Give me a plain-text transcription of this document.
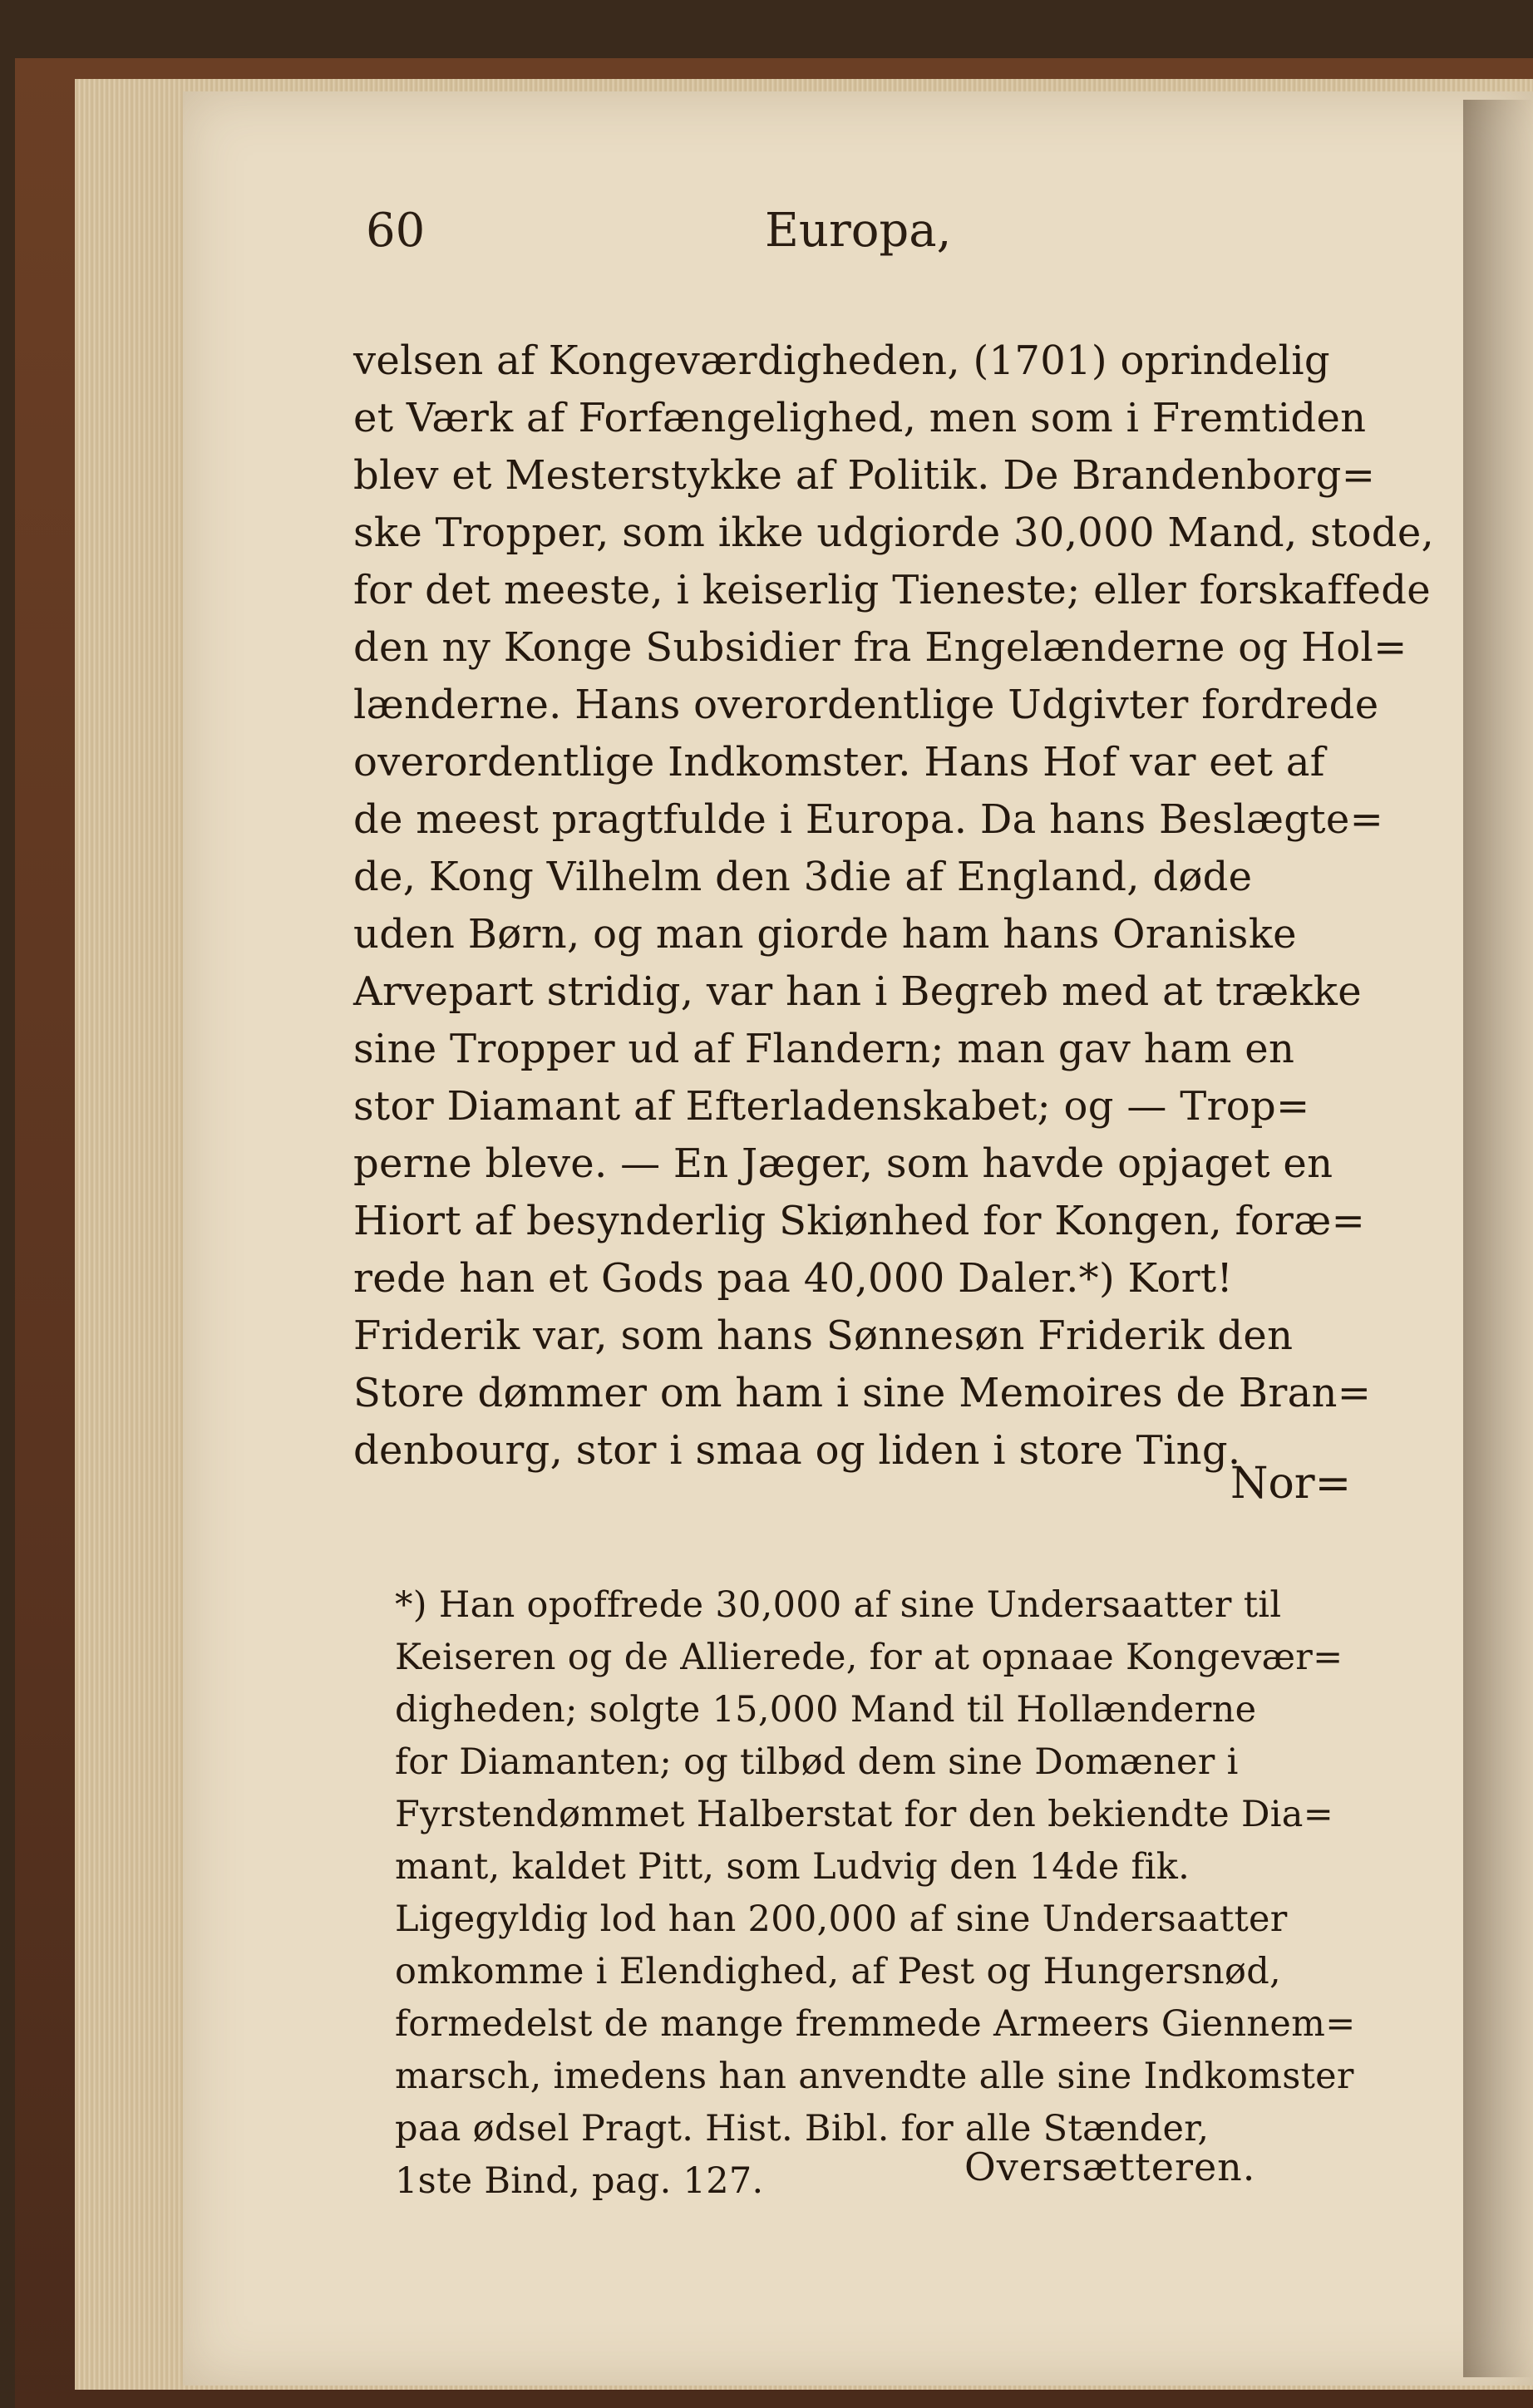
60	Europa,
velsen af Kongeværdigheden, (1701) oprindelig
et Værk af Forfængelighed, men som i Fremtiden
blev et Mesterstykke af Politik. De Brandenborg=
ske Tropper, som ikke udgiorde 30,000 Mand, stode,
for det meeste, i keiserlig Tieneste; eller forskaffede
den ny Konge Subsidier fra Engelænderne og Hol=
lænderne. Hans overordentlige Udgivter fordrede
overordentlige Indkomster. Hans Hof var eet af
de meest pragtfulde i Europa. Da hans Beslægte=
de, Kong Vilhelm den 3die af England, døde
uden Børn, og man giorde ham hans Oraniske
Arvepart stridig, var han i Begreb med at trække
sine Tropper ud af Flandern; man gav ham en
stor Diamant af Efterladenskabet; og — Trop=
perne bleve. — En Jæger, som havde opjaget en
Hiort af besynderlig Skiønhed for Kongen, foræ=
rede han et Gods paa 40,000 Daler.*) Kort!
Friderik var, som hans Sønnesøn Friderik den
Store dømmer om ham i sine Memoires de Bran=
denbourg, stor i smaa og liden i store Ting.
Nor=
*) Han opoffrede 30,000 af sine Undersaatter til
Keiseren og de Allierede, for at opnaae Kongevær=
digheden; solgte 15,000 Mand til Hollænderne
for Diamanten; og tilbød dem sine Domæner i
Fyrstendømmet Halberstat for den bekiendte Dia=
mant, kaldet Pitt, som Ludvig den 14de fik.
Ligegyldig lod han 200,000 af sine Undersaatter
omkomme i Elendighed, af Pest og Hungersnød,
formedelst de mange fremmede Armeers Giennem=
marsch, imedens han anvendte alle sine Indkomster
paa ødsel Pragt. Hist. Bibl. for alle Stænder,
1ste Bind, pag. 127.	Oversætteren.
